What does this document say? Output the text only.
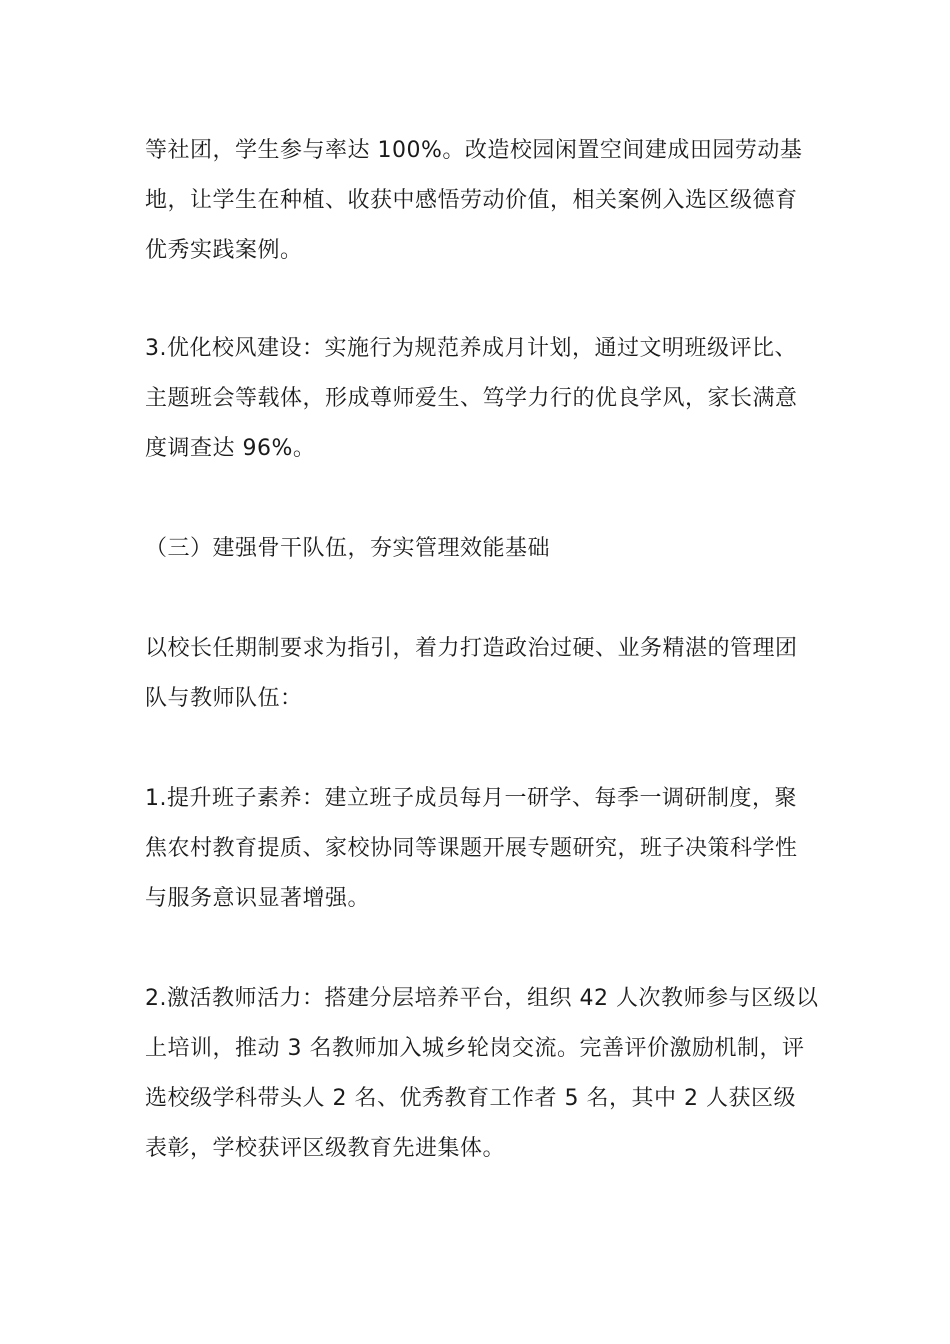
等社团，学生参与率达 100%。改造校园闲置空间建成田园劳动基
地，让学生在种植、收获中感悟劳动价值，相关案例入选区级德育
优秀实践案例。

3.优化校风建设：实施行为规范养成月计划，通过文明班级评比、
主题班会等载体，形成尊师爱生、笃学力行的优良学风，家长满意
度调查达 96%。

（三）建强骨干队伍，夯实管理效能基础

以校长任期制要求为指引，着力打造政治过硬、业务精湛的管理团
队与教师队伍：

1.提升班子素养：建立班子成员每月一研学、每季一调研制度，聚
焦农村教育提质、家校协同等课题开展专题研究，班子决策科学性
与服务意识显著增强。

2.激活教师活力：搭建分层培养平台，组织 42 人次教师参与区级以
上培训，推动 3 名教师加入城乡轮岗交流。完善评价激励机制，评
选校级学科带头人 2 名、优秀教育工作者 5 名，其中 2 人获区级
表彰，学校获评区级教育先进集体。
